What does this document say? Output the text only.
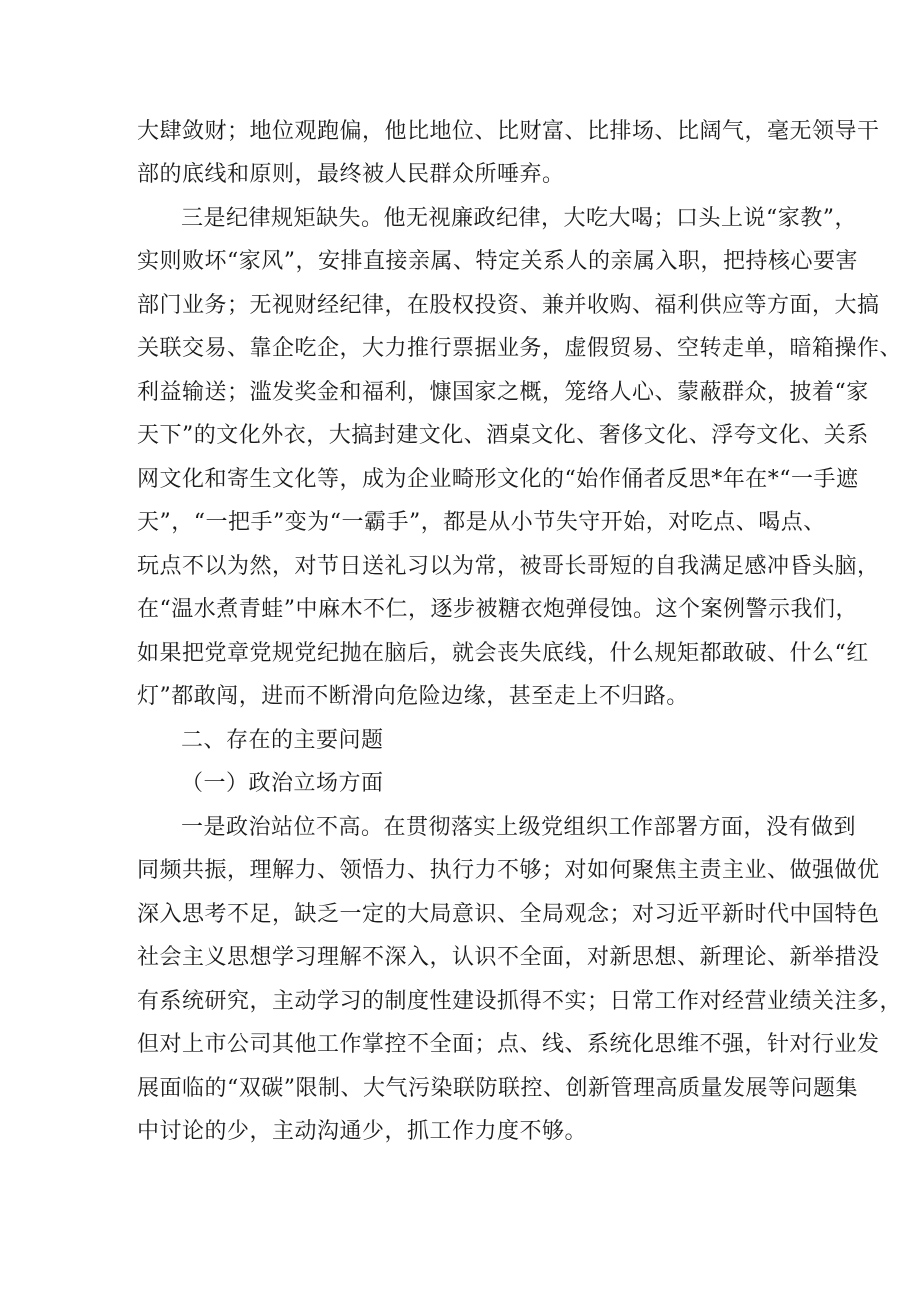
大肆敛财；地位观跑偏，他比地位、比财富、比排场、比阔气，毫无领导干

部的底线和原则，最终被人民群众所唾弃。

三是纪律规矩缺失。他无视廉政纪律，大吃大喝；口头上说“家教”，

实则败坏“家风”，安排直接亲属、特定关系人的亲属入职，把持核心要害

部门业务；无视财经纪律，在股权投资、兼并收购、福利供应等方面，大搞

关联交易、靠企吃企，大力推行票据业务，虚假贸易、空转走单，暗箱操作、

利益输送；滥发奖金和福利，慷国家之概，笼络人心、蒙蔽群众，披着“家

天下”的文化外衣，大搞封建文化、酒桌文化、奢侈文化、浮夸文化、关系

网文化和寄生文化等，成为企业畸形文化的“始作俑者反思*年在*“一手遮

天”，“一把手”变为“一霸手”，都是从小节失守开始，对吃点、喝点、

玩点不以为然，对节日送礼习以为常，被哥长哥短的自我满足感冲昏头脑，

在“温水煮青蛙”中麻木不仁，逐步被糖衣炮弹侵蚀。这个案例警示我们，

如果把党章党规党纪抛在脑后，就会丧失底线，什么规矩都敢破、什么“红

灯”都敢闯，进而不断滑向危险边缘，甚至走上不归路。

二、存在的主要问题

（一）政治立场方面

一是政治站位不高。在贯彻落实上级党组织工作部署方面，没有做到

同频共振，理解力、领悟力、执行力不够；对如何聚焦主责主业、做强做优

深入思考不足，缺乏一定的大局意识、全局观念；对习近平新时代中国特色

社会主义思想学习理解不深入，认识不全面，对新思想、新理论、新举措没

有系统研究，主动学习的制度性建设抓得不实；日常工作对经营业绩关注多，

但对上市公司其他工作掌控不全面；点、线、系统化思维不强，针对行业发

展面临的“双碳”限制、大气污染联防联控、创新管理高质量发展等问题集

中讨论的少，主动沟通少，抓工作力度不够。
